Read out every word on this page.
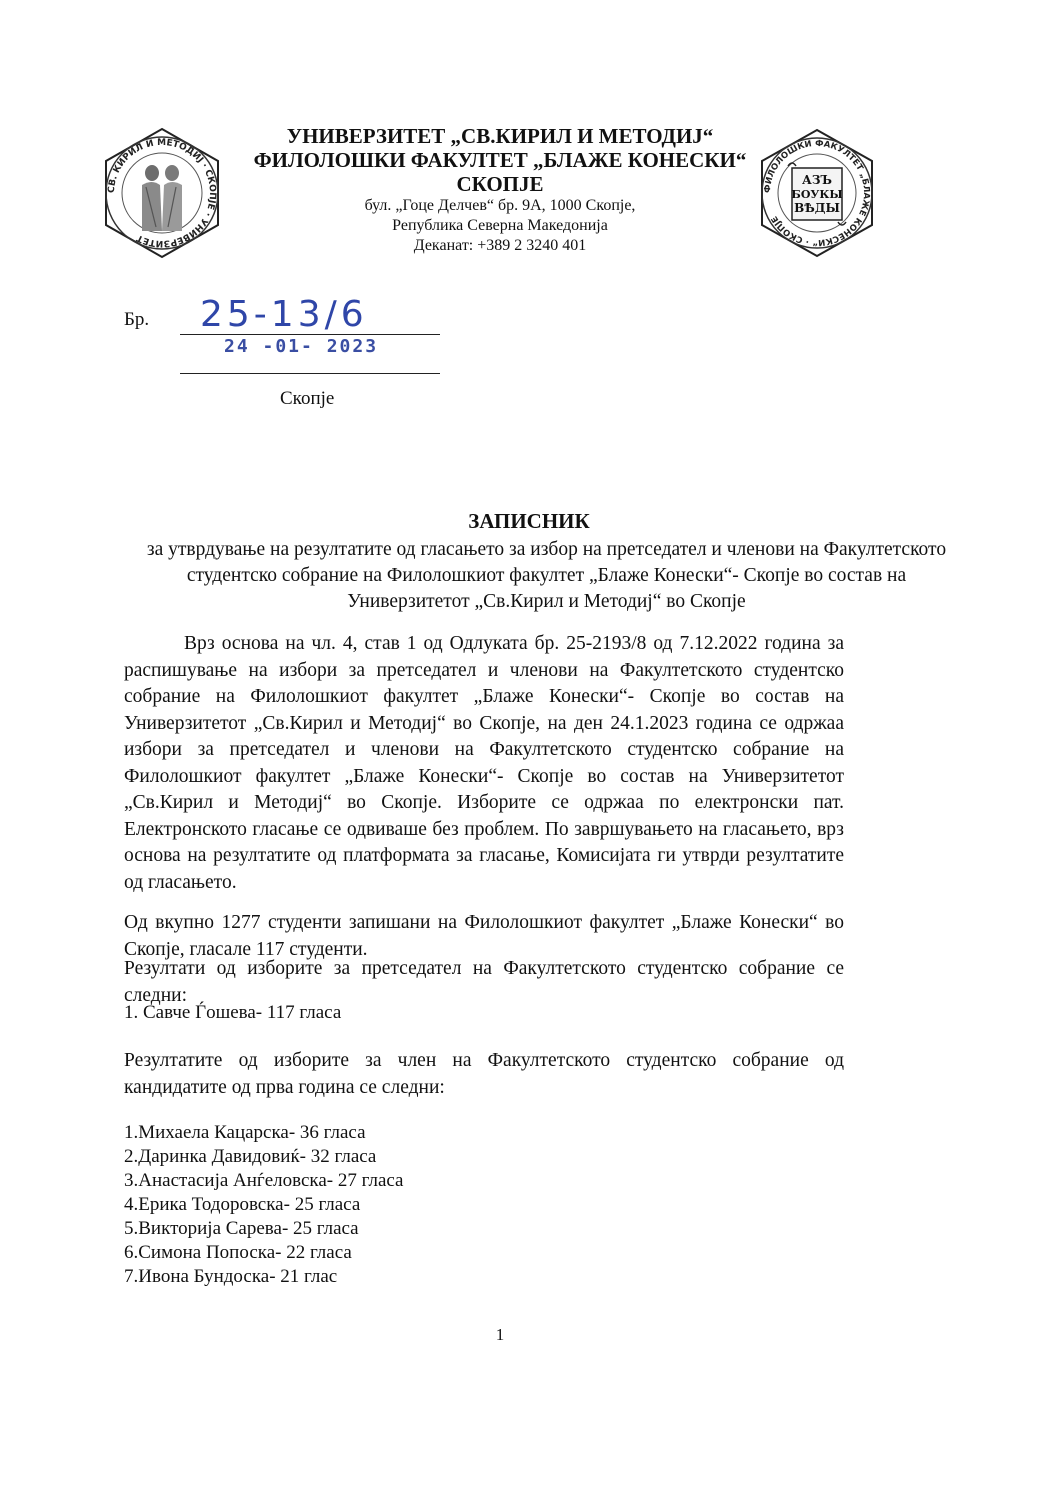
СВ. КИРИЛ И МЕТОДИЈ · СКОПЈЕ · УНИВЕРЗИТЕТ
ФИЛОЛОШКИ ФАКУЛТЕТ „БЛАЖЕ КОНЕСКИ“ · СКОПЈЕ
АЗЪ
БОУКЫ
ВѢДЫ
УНИВЕРЗИТЕТ „СВ.КИРИЛ И МЕТОДИЈ“
ФИЛОЛОШКИ ФАКУЛТЕТ „БЛАЖЕ КОНЕСКИ“
СКОПЈЕ
бул. „Гоце Делчев“ бр. 9А, 1000 Скопје,
Република Северна Македонија
Деканат: +389 2 3240 401
Бр. 25-13/6
24 -01- 2023
Скопје
ЗАПИСНИК
за утврдување на резултатите од гласањето за избор на претседател и членови на Факултетското студентско собрание на Филолошкиот факултет „Блаже Конески“- Скопје во состав на Универзитетот „Св.Кирил и Методиј“ во Скопје
Врз основа на чл. 4, став 1 од Одлуката бр. 25-2193/8 од 7.12.2022 година за распишување на избори за претседател и членови на Факултетското студентско собрание на Филолошкиот факултет „Блаже Конески“- Скопје во состав на Универзитетот „Св.Кирил и Методиј“ во Скопје, на ден 24.1.2023 година се одржаа избори за претседател и членови на Факултетското студентско собрание на Филолошкиот факултет „Блаже Конески“- Скопје во состав на Универзитетот „Св.Кирил и Методиј“ во Скопје. Изборите се одржаа по електронски пат. Електронското гласање се одвиваше без проблем. По завршувањето на гласањето, врз основа на резултатите од платформата за гласање, Комисијата ги утврди резултатите од гласањето.
Од вкупно 1277 студенти запишани на Филолошкиот факултет „Блаже Конески“ во Скопје, гласале 117 студенти.
Резултати од изборите за претседател на Факултетското студентско собрание се следни:
1. Савче Ѓошева- 117 гласа
Резултатите од изборите за член на Факултетското студентско собрание од кандидатите од прва година се следни:
1.Михаела Кацарска- 36 гласа
2.Даринка Давидовиќ- 32 гласа
3.Анастасија Анѓеловска- 27 гласа
4.Ерика Тодоровска- 25 гласа
5.Викторија Сарева- 25 гласа
6.Симона Попоска- 22 гласа
7.Ивона Бундоска- 21 глас
1
